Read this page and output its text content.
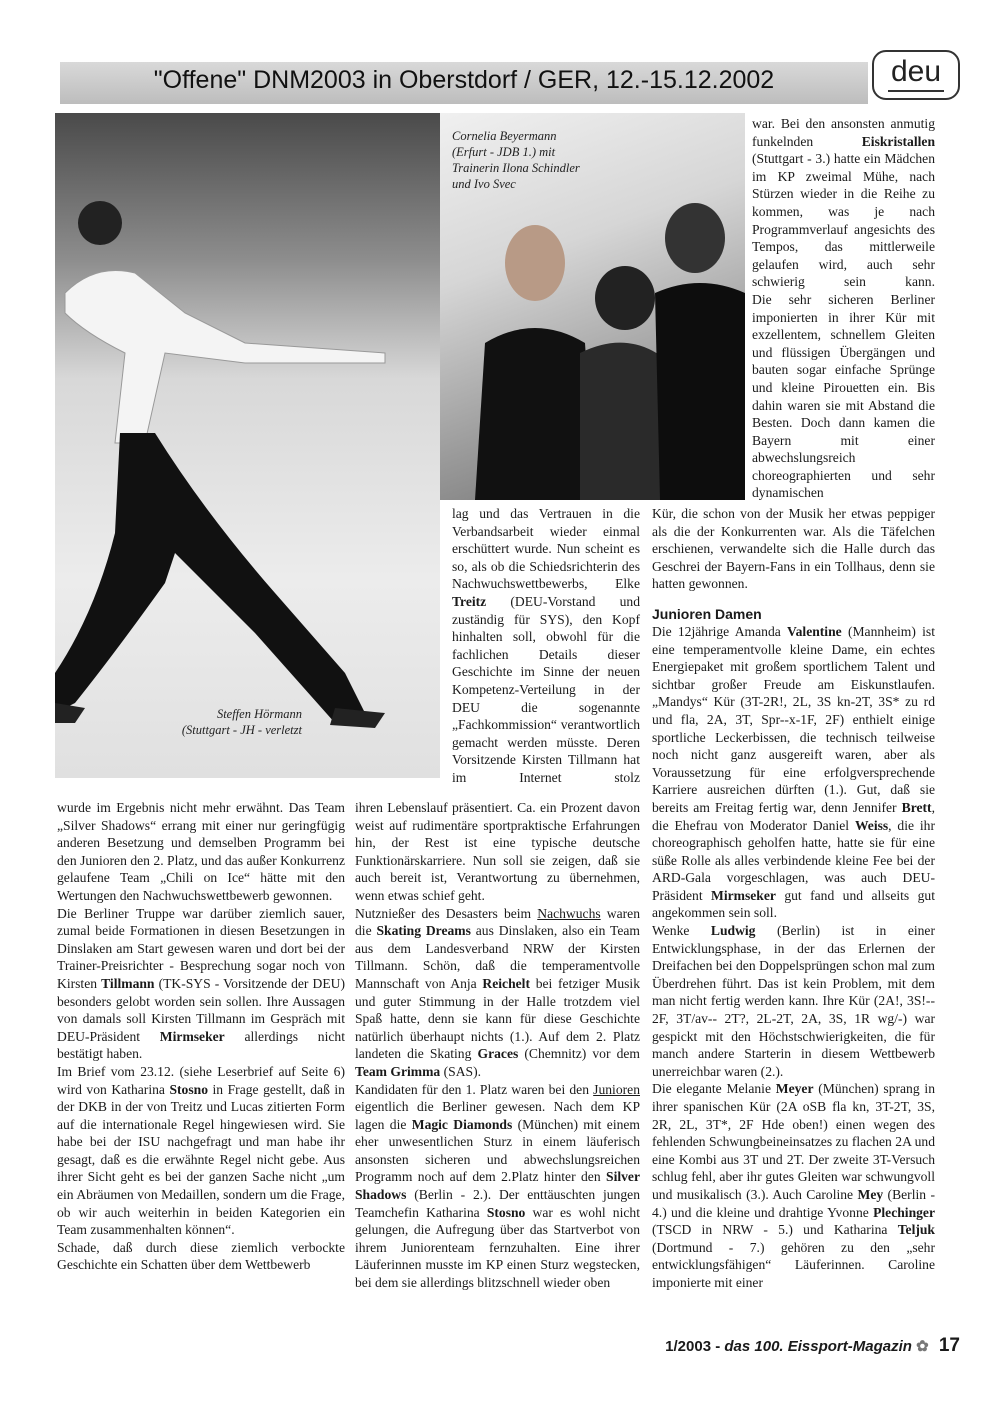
"Offene" DNM2003 in Oberstdorf / GER, 12.-15.12.2002	deu
Steffen Hörmann
(Stuttgart - JH - verletzt
Cornelia Beyermann
(Erfurt - JDB 1.) mit
Trainerin Ilona Schindler
und Ivo Svec

war. Bei den ansonsten anmutig funkelnden Eiskristallen (Stuttgart - 3.) hatte ein Mädchen im KP zweimal Mühe, nach Stürzen wieder in die Reihe zu kommen, was je nach Programmverlauf angesichts des Tempos, das mittlerweile gelaufen wird, auch sehr schwierig sein kann.

Die sehr sicheren Berliner imponierten in ihrer Kür mit exzellentem, schnellem Gleiten und flüssigen Übergängen und bauten sogar einfache Sprünge und kleine Pirouetten ein. Bis dahin waren sie mit Abstand die Besten. Doch dann kamen die Bayern mit einer abwechslungsreich choreographierten und sehr dynamischen

lag und das Vertrauen in die Verbandsarbeit wieder einmal erschüttert wurde. Nun scheint es so, als ob die Schiedsrichterin des Nachwuchswettbewerbs, Elke Treitz (DEU-Vorstand und zuständig für SYS), den Kopf hinhalten soll, obwohl für die fachlichen Details dieser Geschichte im Sinne der neuen Kompetenz-Verteilung in der DEU die sogenannte „Fachkommission“ verantwortlich gemacht werden müsste. Deren Vorsitzende Kirsten Tillmann hat im Internet stolz

Kür, die schon von der Musik her etwas peppiger als die der Konkurrenten war. Als die Täfelchen erschienen, verwandelte sich die Halle durch das Geschrei der Bayern-Fans in ein Tollhaus, denn sie hatten gewonnen.

Junioren Damen

Die 12jährige Amanda Valentine (Mannheim) ist eine temperamentvolle kleine Dame, ein echtes Energiepaket mit großem sportlichem Talent und sichtbar großer Freude am Eiskunstlaufen. „Mandys“ Kür (3T-2R!, 2L, 3S kn-2T, 3S* zu rd und fla, 2A, 3T, Spr--x-1F, 2F) enthielt einige sportliche Leckerbissen, die technisch teilweise noch nicht ganz ausgereift waren, aber als Voraussetzung für eine erfolgversprechende Karriere ausreichen dürften (1.). Gut, daß sie bereits am Freitag fertig war, denn Jennifer Brett, die Ehefrau von Moderator Daniel Weiss, die ihr choreographisch geholfen hatte, hatte sie für eine süße Rolle als alles verbindende kleine Fee bei der ARD-Gala vorgeschlagen, was auch DEU-Präsident Mirmseker gut fand und allseits gut angekommen sein soll.

Wenke Ludwig (Berlin) ist in einer Entwicklungsphase, in der das Erlernen der Dreifachen bei den Doppelsprüngen schon mal zum Überdrehen führt. Das ist kein Problem, mit dem man nicht fertig werden kann. Ihre Kür (2A!, 3S!-- 2F, 3T/av-- 2T?, 2L-2T, 2A, 3S, 1R wg/-) war gespickt mit den Höchstschwierigkeiten, die für manch andere Starterin in diesem Wettbewerb unerreichbar waren (2.).

Die elegante Melanie Meyer (München) sprang in ihrer spanischen Kür (2A oSB fla kn, 3T-2T, 3S, 2R, 2L, 3T*, 2F Hde oben!) einen wegen des fehlenden Schwungbeineinsatzes zu flachen 2A und eine Kombi aus 3T und 2T. Der zweite 3T-Versuch schlug fehl, aber ihr gutes Gleiten war schwungvoll und musikalisch (3.). Auch Caroline Mey (Berlin - 4.) und die kleine und drahtige Yvonne Plechinger (TSCD in NRW - 5.) und Katharina Teljuk (Dortmund - 7.) gehören zu den „sehr entwicklungsfähigen“ Läuferinnen. Caroline imponierte mit einer

wurde im Ergebnis nicht mehr erwähnt. Das Team „Silver Shadows“ errang mit einer nur geringfügig anderen Besetzung und demselben Programm bei den Junioren den 2. Platz, und das außer Konkurrenz gelaufene Team „Chili on Ice“ hätte mit den Wertungen den Nachwuchswettbewerb gewonnen.

Die Berliner Truppe war darüber ziemlich sauer, zumal beide Formationen in diesen Besetzungen in Dinslaken am Start gewesen waren und dort bei der Trainer-Preisrichter - Besprechung sogar noch von Kirsten Tillmann (TK-SYS - Vorsitzende der DEU) besonders gelobt worden sein sollen. Ihre Aussagen von damals soll Kirsten Tillmann im Gespräch mit DEU-Präsident Mirmseker allerdings nicht bestätigt haben.

Im Brief vom 23.12. (siehe Leserbrief auf Seite 6) wird von Katharina Stosno in Frage gestellt, daß in der DKB in der von Treitz und Lucas zitierten Form auf die internationale Regel hingewiesen wird. Sie habe bei der ISU nachgefragt und man habe ihr gesagt, daß es die erwähnte Regel nicht gebe. Aus ihrer Sicht geht es bei der ganzen Sache nicht „um ein Abräumen von Medaillen, sondern um die Frage, ob wir auch weiterhin in beiden Kategorien ein Team zusammenhalten können“.

Schade, daß durch diese ziemlich verbockte Geschichte ein Schatten über dem Wettbewerb

ihren Lebenslauf präsentiert. Ca. ein Prozent davon weist auf rudimentäre sportpraktische Erfahrungen hin, der Rest ist eine typische deutsche Funktionärskarriere. Nun soll sie zeigen, daß sie auch bereit ist, Verantwortung zu übernehmen, wenn etwas schief geht.

Nutznießer des Desasters beim Nachwuchs waren die Skating Dreams aus Dinslaken, also ein Team aus dem Landesverband NRW der Kirsten Tillmann. Schön, daß die temperamentvolle Mannschaft von Anja Reichelt bei fetziger Musik und guter Stimmung in der Halle trotzdem viel Spaß hatte, denn sie kann für diese Geschichte natürlich überhaupt nichts (1.). Auf dem 2. Platz landeten die Skating Graces (Chemnitz) vor dem Team Grimma (SAS).

Kandidaten für den 1. Platz waren bei den Junioren eigentlich die Berliner gewesen. Nach dem KP lagen die Magic Diamonds (München) mit einem eher unwesentlichen Sturz in einem läuferisch ansonsten sicheren und abwechslungsreichen Programm noch auf dem 2.Platz hinter den Silver Shadows (Berlin - 2.). Der enttäuschten jungen Teamchefin Katharina Stosno war es wohl nicht gelungen, die Aufregung über das Startverbot von ihrem Juniorenteam fernzuhalten. Eine ihrer Läuferinnen musste im KP einen Sturz wegstecken, bei dem sie allerdings blitzschnell wieder oben

1/2003 - das 100. Eissport-Magazin ✿ 17
